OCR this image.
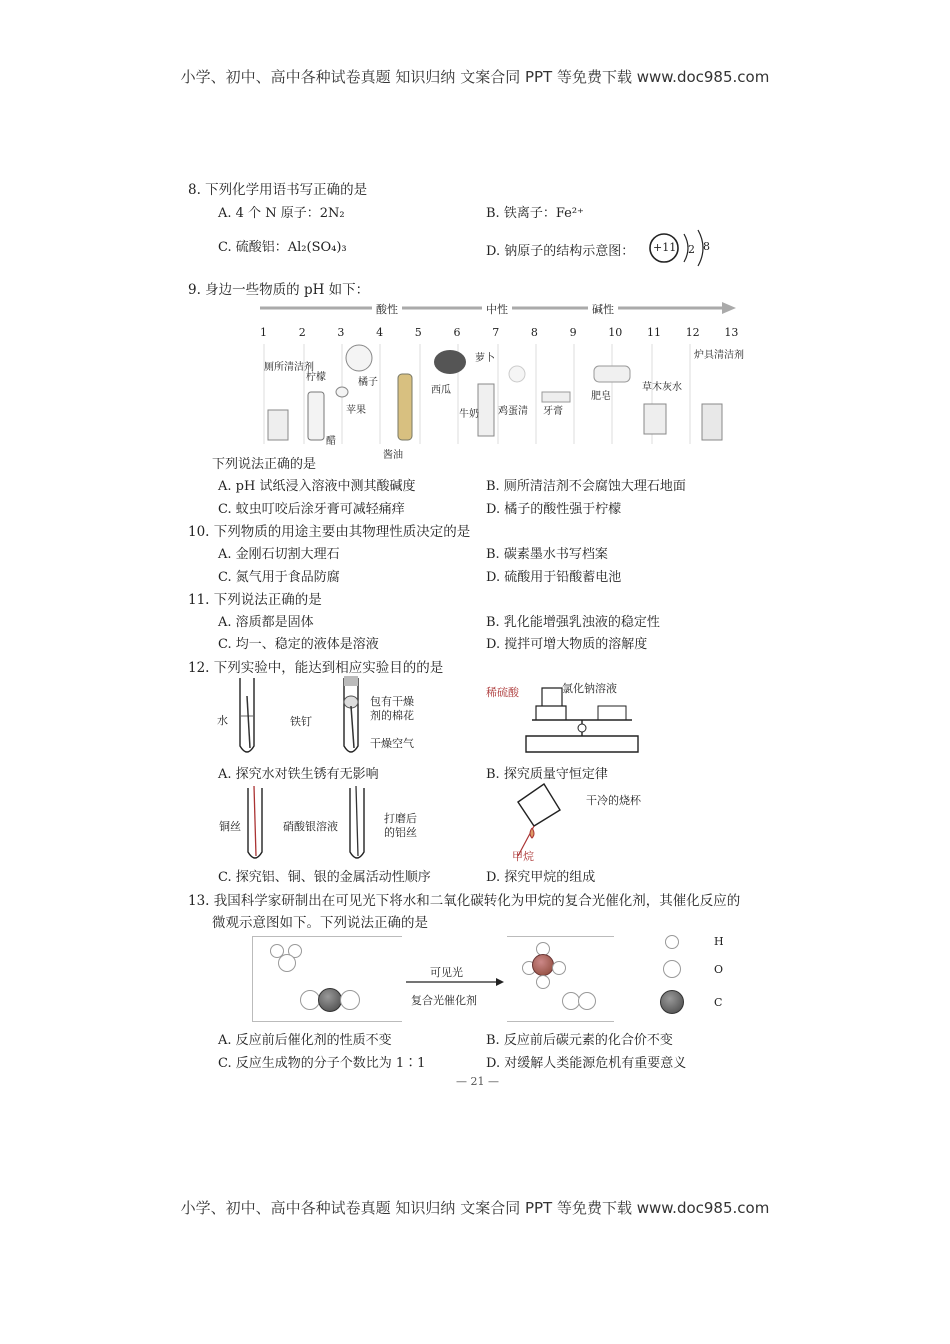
小学、初中、高中各种试卷真题 知识归纳 文案合同 PPT 等免费下载 www.doc985.com
小学、初中、高中各种试卷真题 知识归纳 文案合同 PPT 等免费下载 www.doc985.com
8. 下列化学用语书写正确的是
A. 4 个 N 原子：2N₂	B. 铁离子：Fe²⁺
C. 硫酸铝：Al₂(SO₄)₃	D. 钠原子的结构示意图： +11 2 8
9. 身边一些物质的 pH 如下：
酸性	中性	碱性
1	2	3	4	5	6	7	8	9	10 11 12 13
厕所清洁剂
柠檬
苹果
橘子
醋
酱油
西瓜
萝卜
牛奶 鸡蛋清 牙膏
肥皂
草木灰水
炉具清洁剂
下列说法正确的是
A. pH 试纸浸入溶液中测其酸碱度	B. 厕所清洁剂不会腐蚀大理石地面
C. 蚊虫叮咬后涂牙膏可减轻痛痒	D. 橘子的酸性强于柠檬
10. 下列物质的用途主要由其物理性质决定的是
A. 金刚石切割大理石	B. 碳素墨水书写档案
C. 氮气用于食品防腐	D. 硫酸用于铅酸蓄电池
11. 下列说法正确的是
A. 溶质都是固体	B. 乳化能增强乳浊液的稳定性
C. 均一、稳定的液体是溶液	D. 搅拌可增大物质的溶解度
12. 下列实验中，能达到相应实验目的的是
水	铁钉
包有干燥剂的棉花
干燥空气
A. 探究水对铁生锈有无影响
稀硫酸	氯化钠溶液
B. 探究质量守恒定律
铜丝	硝酸银溶液
打磨后的铝丝
C. 探究铝、铜、银的金属活动性顺序
干冷的烧杯
甲烷
D. 探究甲烷的组成
13. 我国科学家研制出在可见光下将水和二氧化碳转化为甲烷的复合光催化剂，其催化反应的
微观示意图如下。下列说法正确的是
可见光
复合光催化剂
H
O
C
A. 反应前后催化剂的性质不变	B. 反应前后碳元素的化合价不变
C. 反应生成物的分子个数比为 1∶1	D. 对缓解人类能源危机有重要意义
— 21 —
